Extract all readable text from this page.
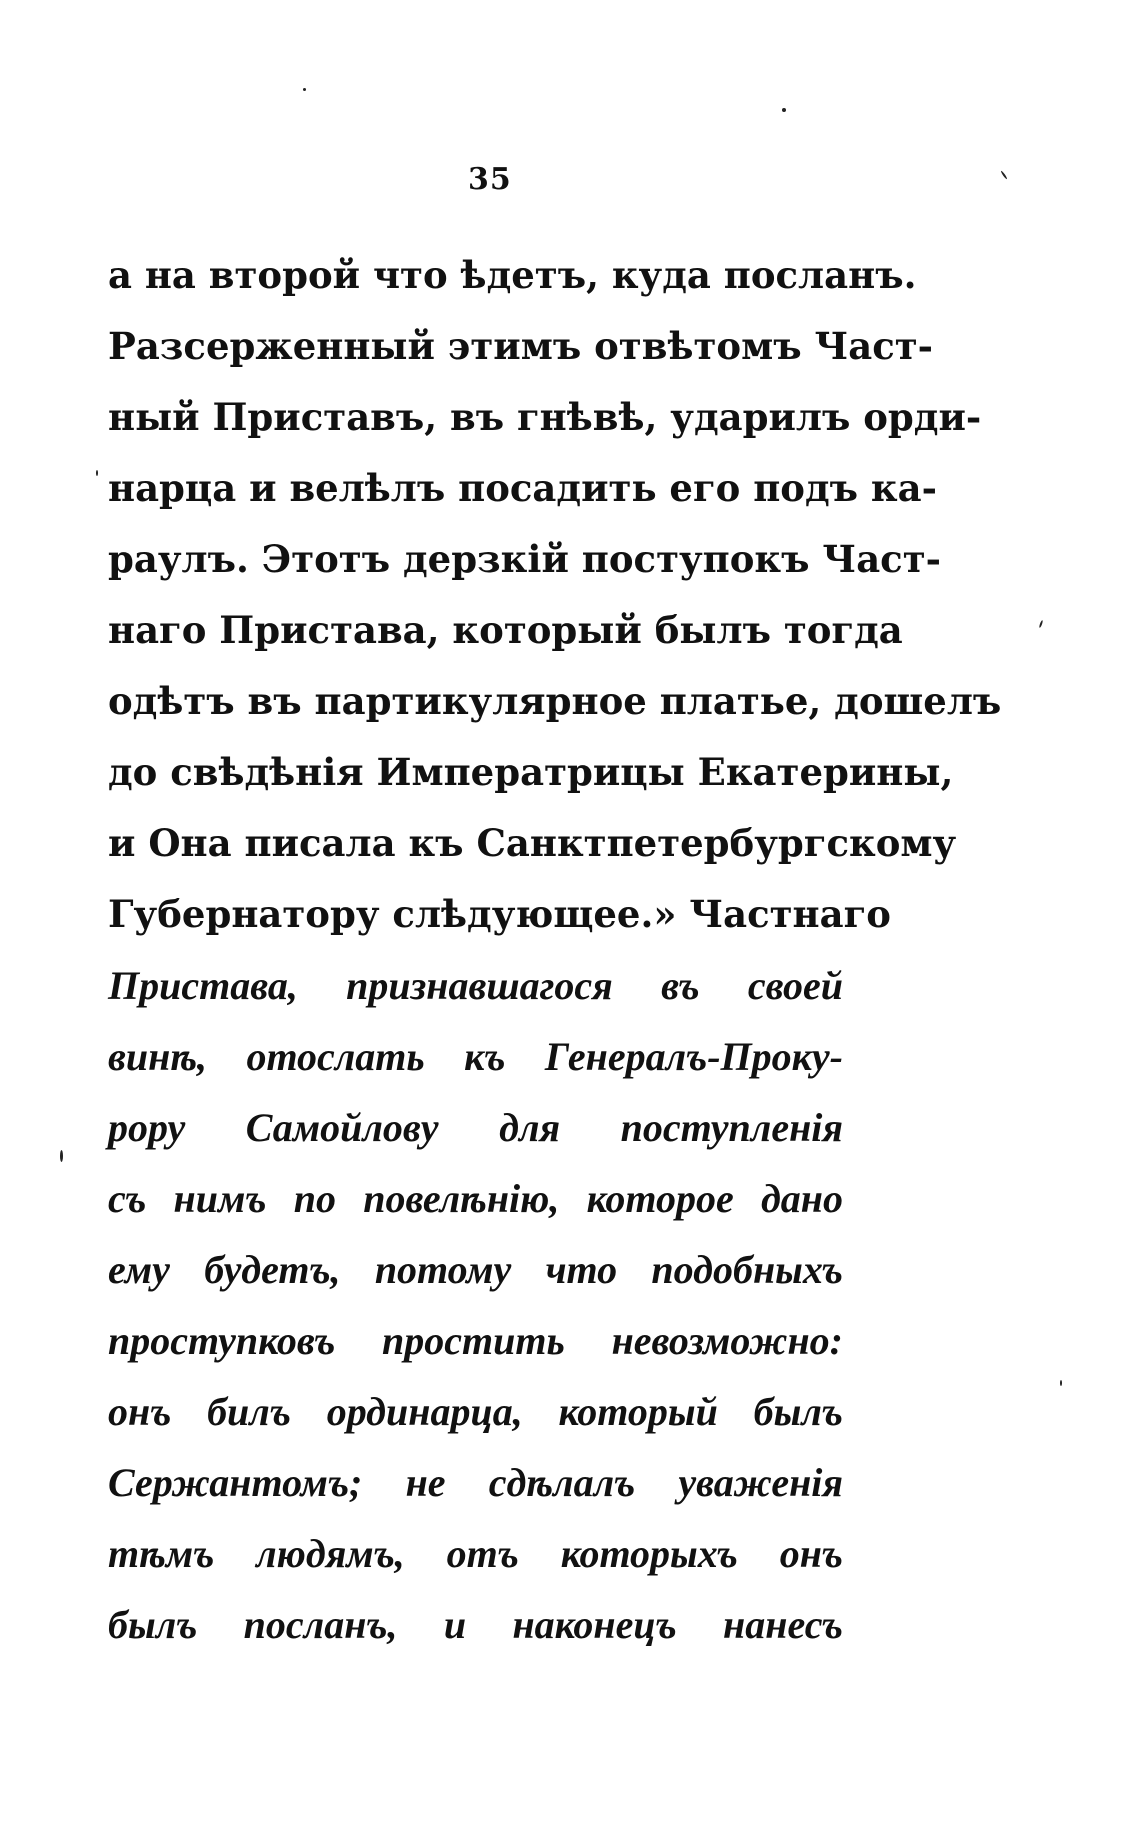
35
а на второй что ѣдетъ, куда посланъ.
Разсерженный этимъ отвѣтомъ Част-
ный Приставъ, въ гнѣвѣ, ударилъ орди-
нарца и велѣлъ посадить его подъ ка-
раулъ. Этотъ дерзкій поступокъ Част-
наго Пристава, который былъ тогда
одѣтъ въ партикулярное платье, дошелъ
до свѣдѣнія Императрицы Екатерины,
и Она писала къ Санктпетербургскому
Губернатору слѣдующее.» Частнаго
Пристава, признавшагося въ своей
винѣ, отослать къ Генералъ-Проку-
рору Самойлову для поступленія
съ нимъ по повелѣнію, которое дано
ему будетъ, потому что подобныхъ
проступковъ простить невозможно:
онъ билъ ординарца, который былъ
Сержантомъ; не сдѣлалъ уваженія
тѣмъ людямъ, отъ которыхъ онъ
былъ посланъ, и наконецъ нанесъ
